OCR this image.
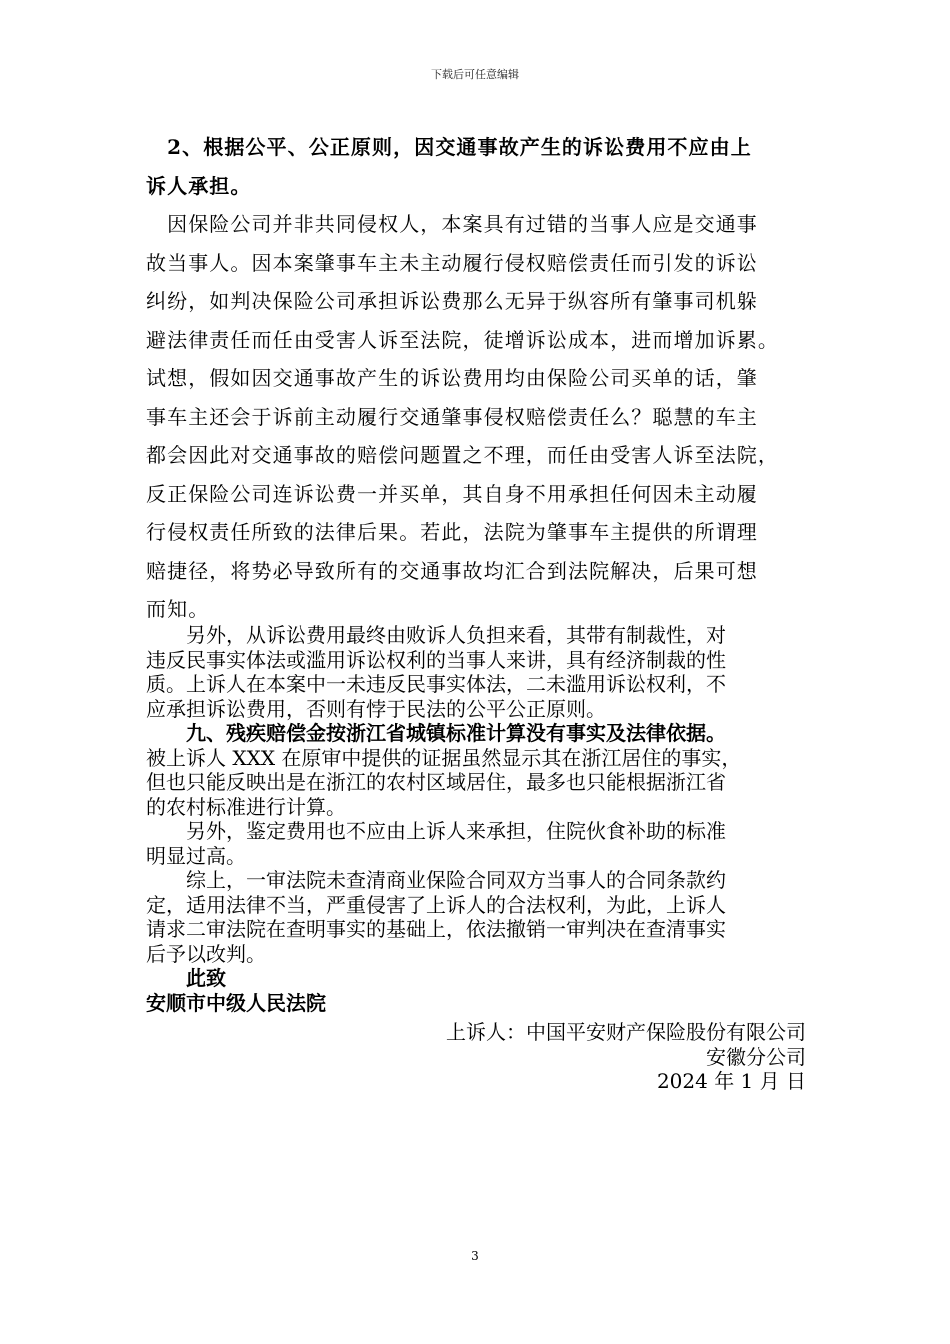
下载后可任意编辑
　2、根据公平、公正原则，因交通事故产生的诉讼费用不应由上
诉人承担。
　因保险公司并非共同侵权人，本案具有过错的当事人应是交通事
故当事人。因本案肇事车主未主动履行侵权赔偿责任而引发的诉讼
纠纷，如判决保险公司承担诉讼费那么无异于纵容所有肇事司机躲
避法律责任而任由受害人诉至法院，徒增诉讼成本，进而增加诉累。
试想，假如因交通事故产生的诉讼费用均由保险公司买单的话，肇
事车主还会于诉前主动履行交通肇事侵权赔偿责任么？聪慧的车主
都会因此对交通事故的赔偿问题置之不理，而任由受害人诉至法院，
反正保险公司连诉讼费一并买单，其自身不用承担任何因未主动履
行侵权责任所致的法律后果。若此，法院为肇事车主提供的所谓理
赔捷径，将势必导致所有的交通事故均汇合到法院解决，后果可想
而知。
　　另外，从诉讼费用最终由败诉人负担来看，其带有制裁性，对
违反民事实体法或滥用诉讼权利的当事人来讲，具有经济制裁的性
质。上诉人在本案中一未违反民事实体法，二未滥用诉讼权利，不
应承担诉讼费用，否则有悖于民法的公平公正原则。
　　九、残疾赔偿金按浙江省城镇标准计算没有事实及法律依据。
被上诉人 XXX 在原审中提供的证据虽然显示其在浙江居住的事实，
但也只能反映出是在浙江的农村区域居住，最多也只能根据浙江省
的农村标准进行计算。
　　另外，鉴定费用也不应由上诉人来承担，住院伙食补助的标准
明显过高。
　　综上，一审法院未查清商业保险合同双方当事人的合同条款约
定，适用法律不当，严重侵害了上诉人的合法权利，为此，上诉人
请求二审法院在查明事实的基础上，依法撤销一审判决在查清事实
后予以改判。
　　此致
安顺市中级人民法院
上诉人：中国平安财产保险股份有限公司
安徽分公司
2024 年 1 月 日
3
